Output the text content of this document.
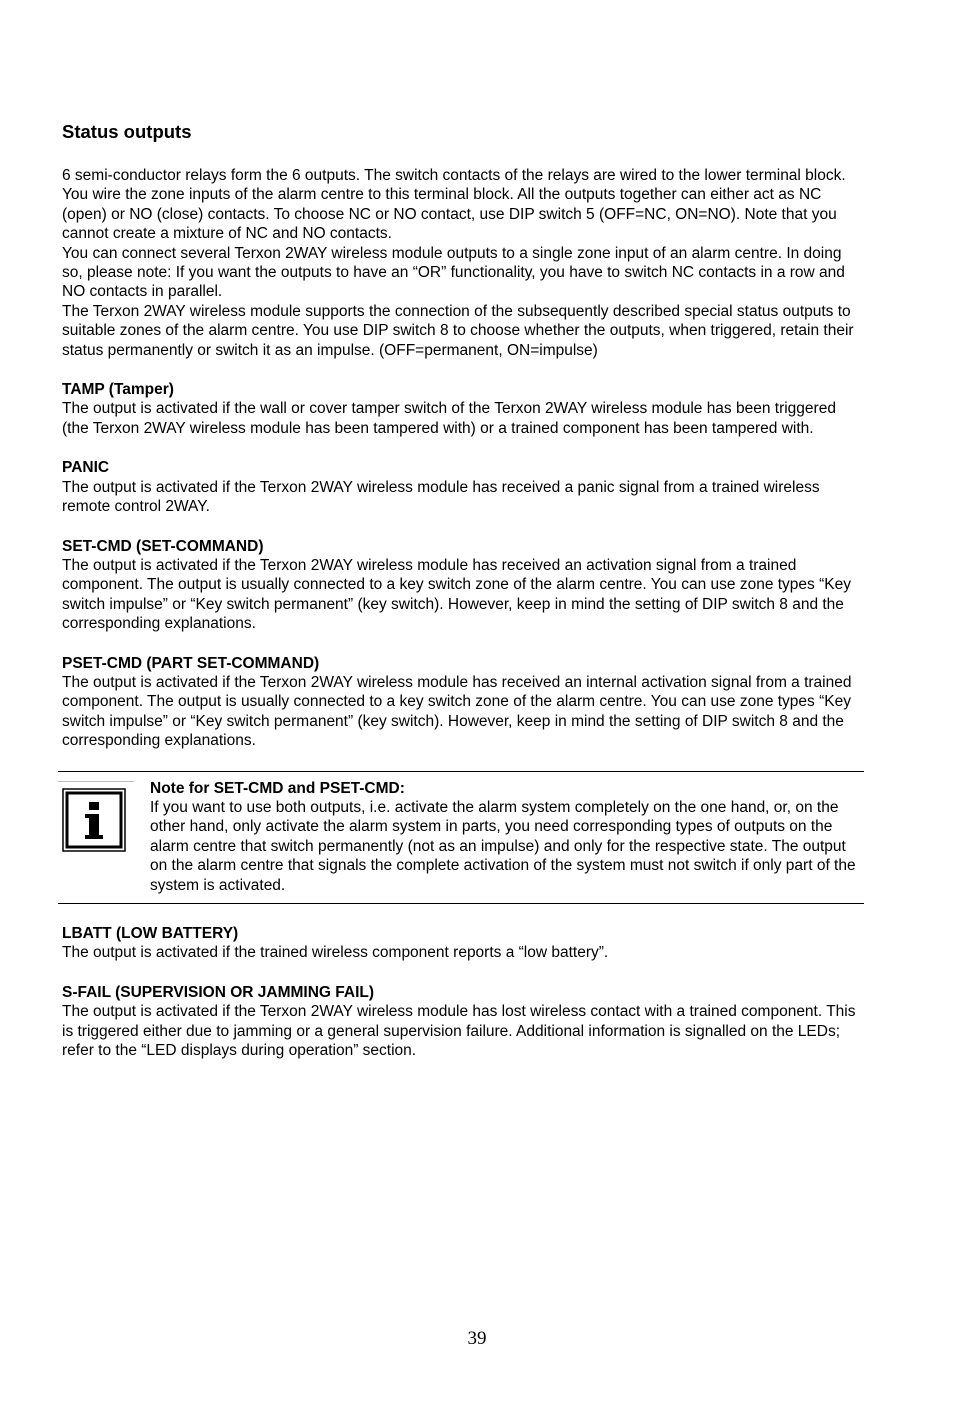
Status outputs

6 semi-conductor relays form the 6 outputs. The switch contacts of the relays are wired to the lower terminal block. You wire the zone inputs of the alarm centre to this terminal block. All the outputs together can either act as NC (open) or NO (close) contacts. To choose NC or NO contact, use DIP switch 5 (OFF=NC, ON=NO). Note that you cannot create a mixture of NC and NO contacts.

You can connect several Terxon 2WAY wireless module outputs to a single zone input of an alarm centre. In doing so, please note: If you want the outputs to have an “OR” functionality, you have to switch NC contacts in a row and NO contacts in parallel.

The Terxon 2WAY wireless module supports the connection of the subsequently described special status outputs to suitable zones of the alarm centre. You use DIP switch 8 to choose whether the outputs, when triggered, retain their status permanently or switch it as an impulse. (OFF=permanent, ON=impulse)

TAMP (Tamper)

The output is activated if the wall or cover tamper switch of the Terxon 2WAY wireless module has been triggered (the Terxon 2WAY wireless module has been tampered with) or a trained component has been tampered with.

PANIC

The output is activated if the Terxon 2WAY wireless module has received a panic signal from a trained wireless remote control 2WAY.

SET-CMD (SET-COMMAND)

The output is activated if the Terxon 2WAY wireless module has received an activation signal from a trained component. The output is usually connected to a key switch zone of the alarm centre. You can use zone types “Key switch impulse” or “Key switch permanent” (key switch). However, keep in mind the setting of DIP switch 8 and the corresponding explanations.

PSET-CMD (PART SET-COMMAND)

The output is activated if the Terxon 2WAY wireless module has received an internal activation signal from a trained component. The output is usually connected to a key switch zone of the alarm centre. You can use zone types “Key switch impulse” or “Key switch permanent” (key switch). However, keep in mind the setting of DIP switch 8 and the corresponding explanations.

Note for SET-CMD and PSET-CMD:

If you want to use both outputs, i.e. activate the alarm system completely on the one hand, or, on the other hand, only activate the alarm system in parts, you need corresponding types of outputs on the alarm centre that switch permanently (not as an impulse) and only for the respective state. The output on the alarm centre that signals the complete activation of the system must not switch if only part of the system is activated.

LBATT (LOW BATTERY)

The output is activated if the trained wireless component reports a “low battery”.

S-FAIL (SUPERVISION OR JAMMING FAIL)

The output is activated if the Terxon 2WAY wireless module has lost wireless contact with a trained component. This is triggered either due to jamming or a general supervision failure. Additional information is signalled on the LEDs; refer to the “LED displays during operation” section.

39
